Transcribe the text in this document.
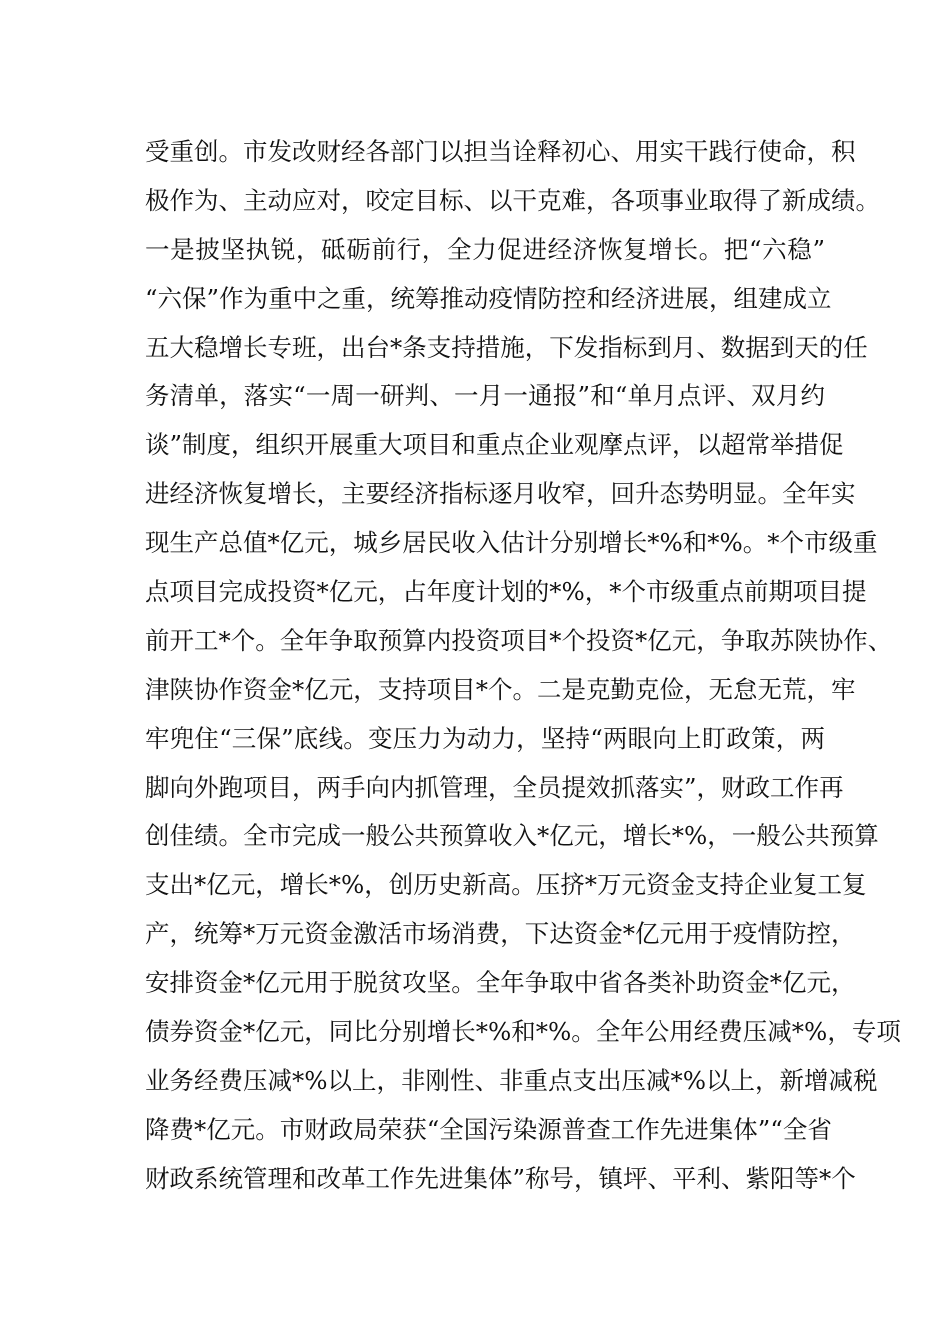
受重创。市发改财经各部门以担当诠释初心、用实干践行使命，积
极作为、主动应对，咬定目标、以干克难，各项事业取得了新成绩。
一是披坚执锐，砥砺前行，全力促进经济恢复增长。把“六稳”
“六保”作为重中之重，统筹推动疫情防控和经济进展，组建成立
五大稳增长专班，出台*条支持措施，下发指标到月、数据到天的任
务清单，落实“一周一研判、一月一通报”和“单月点评、双月约
谈”制度，组织开展重大项目和重点企业观摩点评，以超常举措促
进经济恢复增长，主要经济指标逐月收窄，回升态势明显。全年实
现生产总值*亿元，城乡居民收入估计分别增长*%和*%。*个市级重
点项目完成投资*亿元，占年度计划的*%，*个市级重点前期项目提
前开工*个。全年争取预算内投资项目*个投资*亿元，争取苏陕协作、
津陕协作资金*亿元，支持项目*个。二是克勤克俭，无怠无荒，牢
牢兜住“三保”底线。变压力为动力，坚持“两眼向上盯政策，两
脚向外跑项目，两手向内抓管理，全员提效抓落实”，财政工作再
创佳绩。全市完成一般公共预算收入*亿元，增长*%，一般公共预算
支出*亿元，增长*%，创历史新高。压挤*万元资金支持企业复工复
产，统筹*万元资金激活市场消费，下达资金*亿元用于疫情防控，
安排资金*亿元用于脱贫攻坚。全年争取中省各类补助资金*亿元，
债券资金*亿元，同比分别增长*%和*%。全年公用经费压减*%，专项
业务经费压减*%以上，非刚性、非重点支出压减*%以上，新增减税
降费*亿元。市财政局荣获“全国污染源普查工作先进集体”“全省
财政系统管理和改革工作先进集体”称号，镇坪、平利、紫阳等*个
